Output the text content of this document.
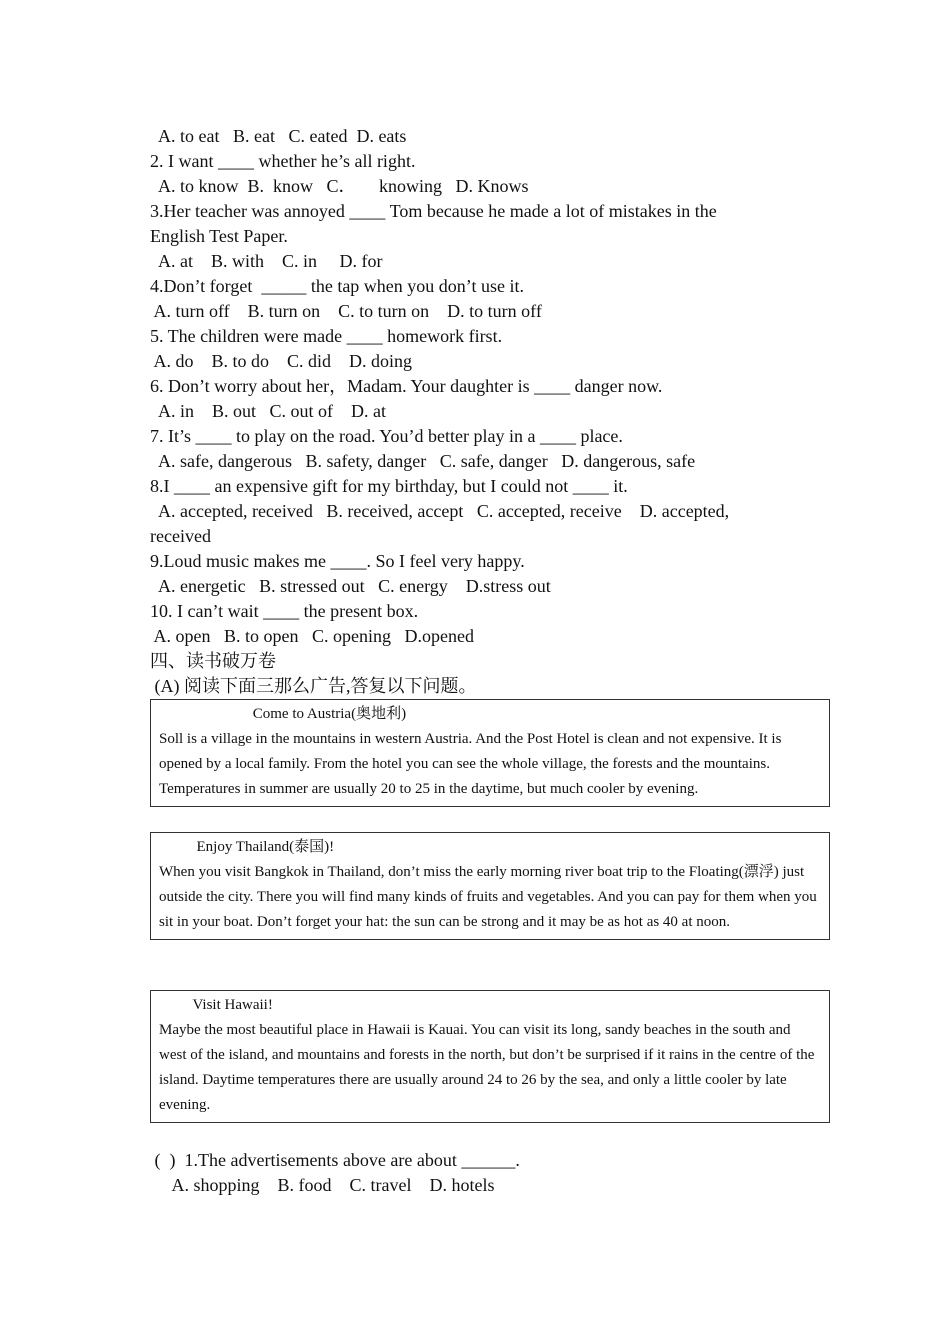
A. to eat   B. eat   C. eated  D. eats

2. I want ____ whether he’s all right.

A. to know  B.  know   C．     knowing   D. Knows

3.Her teacher was annoyed ____ Tom because he made a lot of mistakes in the

English Test Paper.

A. at    B. with    C. in     D. for

4.Don’t forget  _____ the tap when you don’t use it.

A. turn off    B. turn on    C. to turn on    D. to turn off

5. The children were made ____ homework first.

A. do    B. to do    C. did    D. doing

6. Don’t worry about her，Madam. Your daughter is ____ danger now.

A. in    B. out   C. out of    D. at

7. It’s ____ to play on the road. You’d better play in a ____ place.

A. safe, dangerous   B. safety, danger   C. safe, danger   D. dangerous, safe

8.I ____ an expensive gift for my birthday, but I could not ____ it.

A. accepted, received   B. received, accept   C. accepted, receive    D. accepted,

received

9.Loud music makes me ____. So I feel very happy.

A. energetic   B. stressed out   C. energy    D.stress out

10. I can’t wait ____ the present box.

A. open   B. to open   C. opening   D.opened

四、读书破万卷

(A) 阅读下面三那么广告,答复以下问题。

Come to Austria(奥地利)
Soll is a village in the mountains in western Austria. And the Post Hotel is clean and not expensive. It is opened by a local family. From the hotel you can see the whole village, the forests and the mountains. Temperatures in summer are usually 20 to 25 in the daytime, but much cooler by evening.
Enjoy Thailand(泰国)!
When you visit Bangkok in Thailand, don’t miss the early morning river boat trip to the Floating(漂浮) just outside the city. There you will find many kinds of fruits and vegetables. And you can pay for them when you sit in your boat. Don’t forget your hat: the sun can be strong and it may be as hot as 40 at noon.
Visit Hawaii!
Maybe the most beautiful place in Hawaii is Kauai. You can visit its long, sandy beaches in the south and west of the island, and mountains and forests in the north, but don’t be surprised if it rains in the centre of the island. Daytime temperatures there are usually around 24 to 26 by the sea, and only a little cooler by late evening.

(  )  1.The advertisements above are about ______.

A. shopping    B. food    C. travel    D. hotels
